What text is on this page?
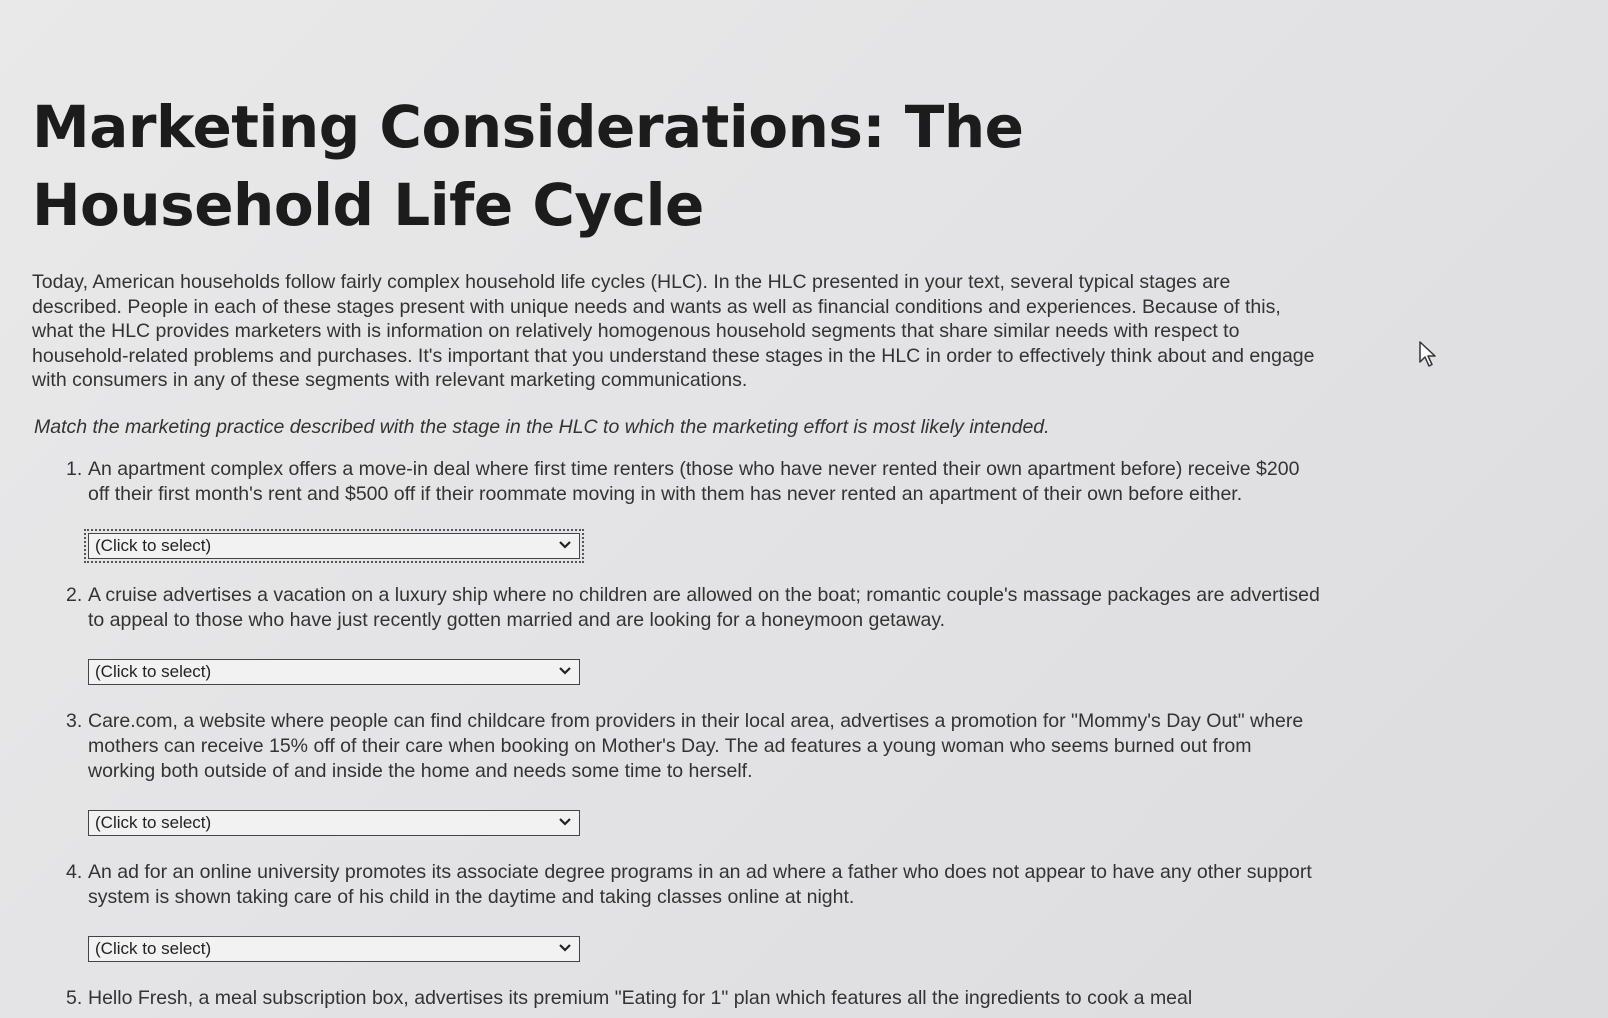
Marketing Considerations: The Household Life Cycle

Today, American households follow fairly complex household life cycles (HLC). In the HLC presented in your text, several typical stages are described. People in each of these stages present with unique needs and wants as well as financial conditions and experiences. Because of this, what the HLC provides marketers with is information on relatively homogenous household segments that share similar needs with respect to household-related problems and purchases. It's important that you understand these stages in the HLC in order to effectively think about and engage with consumers in any of these segments with relevant marketing communications.

Match the marketing practice described with the stage in the HLC to which the marketing effort is most likely intended.

1. An apartment complex offers a move-in deal where first time renters (those who have never rented their own apartment before) receive $200 off their first month's rent and $500 off if their roommate moving in with them has never rented an apartment of their own before either.
(Click to select)
2. A cruise advertises a vacation on a luxury ship where no children are allowed on the boat; romantic couple's massage packages are advertised to appeal to those who have just recently gotten married and are looking for a honeymoon getaway.
(Click to select)
3. Care.com, a website where people can find childcare from providers in their local area, advertises a promotion for "Mommy's Day Out" where mothers can receive 15% off of their care when booking on Mother's Day. The ad features a young woman who seems burned out from working both outside of and inside the home and needs some time to herself.
(Click to select)
4. An ad for an online university promotes its associate degree programs in an ad where a father who does not appear to have any other support system is shown taking care of his child in the daytime and taking classes online at night.
(Click to select)
5. Hello Fresh, a meal subscription box, advertises its premium "Eating for 1" plan which features all the ingredients to cook a meal
